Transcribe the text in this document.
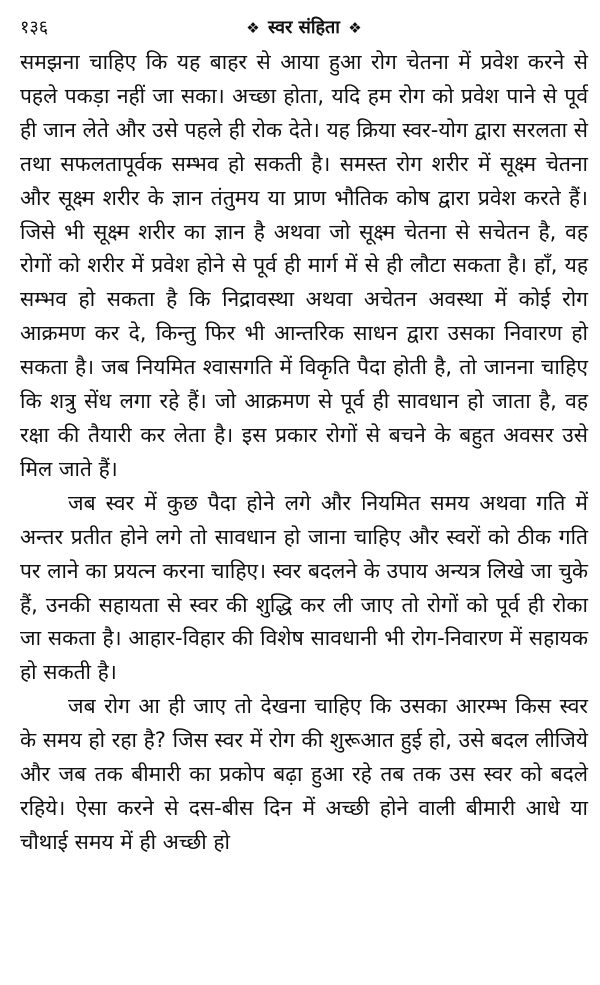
१३६	❖ स्वर संहिता ❖

समझना चाहिए कि यह बाहर से आया हुआ रोग चेतना में प्रवेश करने से पहले पकड़ा नहीं जा सका। अच्छा होता, यदि हम रोग को प्रवेश पाने से पूर्व ही जान लेते और उसे पहले ही रोक देते। यह क्रिया स्वर-योग द्वारा सरलता से तथा सफलतापूर्वक सम्भव हो सकती है। समस्त रोग शरीर में सूक्ष्म चेतना और सूक्ष्म शरीर के ज्ञान तंतुमय या प्राण भौतिक कोष द्वारा प्रवेश करते हैं। जिसे भी सूक्ष्म शरीर का ज्ञान है अथवा जो सूक्ष्म चेतना से सचेतन है, वह रोगों को शरीर में प्रवेश होने से पूर्व ही मार्ग में से ही लौटा सकता है। हाँ, यह सम्भव हो सकता है कि निद्रावस्था अथवा अचेतन अवस्था में कोई रोग आक्रमण कर दे, किन्तु फिर भी आन्तरिक साधन द्वारा उसका निवारण हो सकता है। जब नियमित श्वासगति में विकृति पैदा होती है, तो जानना चाहिए कि शत्रु सेंध लगा रहे हैं। जो आक्रमण से पूर्व ही सावधान हो जाता है, वह रक्षा की तैयारी कर लेता है। इस प्रकार रोगों से बचने के बहुत अवसर उसे मिल जाते हैं।

जब स्वर में कुछ पैदा होने लगे और नियमित समय अथवा गति में अन्तर प्रतीत होने लगे तो सावधान हो जाना चाहिए और स्वरों को ठीक गति पर लाने का प्रयत्न करना चाहिए। स्वर बदलने के उपाय अन्यत्र लिखे जा चुके हैं, उनकी सहायता से स्वर की शुद्धि कर ली जाए तो रोगों को पूर्व ही रोका जा सकता है। आहार-विहार की विशेष सावधानी भी रोग-निवारण में सहायक हो सकती है।

जब रोग आ ही जाए तो देखना चाहिए कि उसका आरम्भ किस स्वर के समय हो रहा है? जिस स्वर में रोग की शुरूआत हुई हो, उसे बदल लीजिये और जब तक बीमारी का प्रकोप बढ़ा हुआ रहे तब तक उस स्वर को बदले रहिये। ऐसा करने से दस-बीस दिन में अच्छी होने वाली बीमारी आधे या चौथाई समय में ही अच्छी हो
